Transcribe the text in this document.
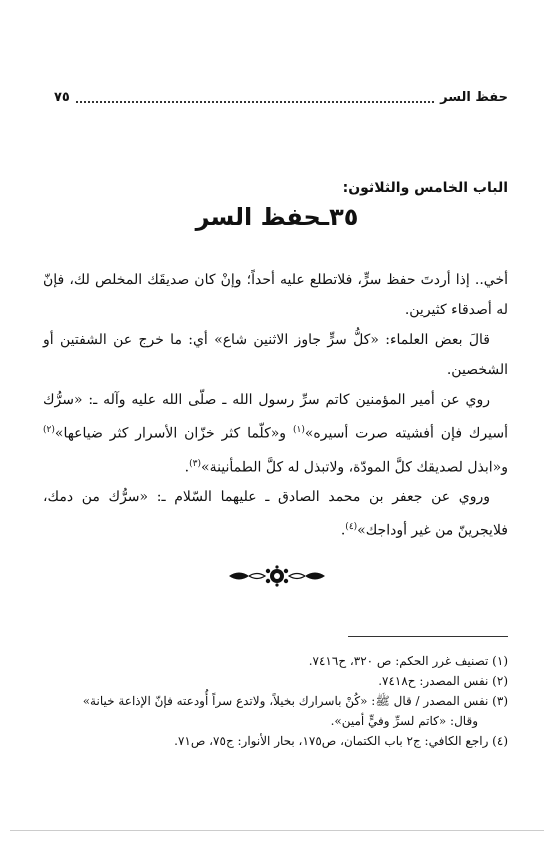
حفظ السر
٧٥
الباب الخامس والثلاثون:
٣٥ـحفظ السر

أخي.. إذا أردتَ حفظ سرٍّ، فلاتطلع عليه أحداً؛ وإنْ كان صديقَك المخلص لك، فإنّ له أصدقاء كثيرين.

قالَ بعض العلماء: «كلُّ سرٍّ جاوز الاثنين شاع» أي: ما خرج عن الشفتين أو الشخصين.

روي عن أمير المؤمنين كاتم سرِّ رسول الله ـ صلّى الله عليه وآله ـ: «سرُّك أسيرك فإن أفشيته صرت أسيره»$^{(١)}$ و«كلّما كثر خزّان الأسرار كثر ضياعها»$^{(٢)}$ و«ابذل لصديقك كلَّ المودّة، ولاتبذل له كلَّ الطمأنينة»$^{(٣)}$.

وروي عن جعفر بن محمد الصادق ـ عليهما السّلام ـ: «سرُّك من دمك، فلايجرينّ من غير أوداجك»$^{(٤)}$.

(١) تصنيف غرر الحكم: ص ٣٢٠، ح٧٤١٦.

(٢) نفس المصدر: ح٧٤١٨.

(٣) نفس المصدر / قال ﷺ: «كُنْ باسرارك بخيلاً، ولاتدع سراً أُودعته فإنّ الإذاعة خيانة»

وقال: «كاتم لسرِّ وفيٍّ أمين».

(٤) راجع الكافي: ج٢ باب الكتمان، ص١٧٥، بحار الأنوار: ج٧٥، ص٧١.
